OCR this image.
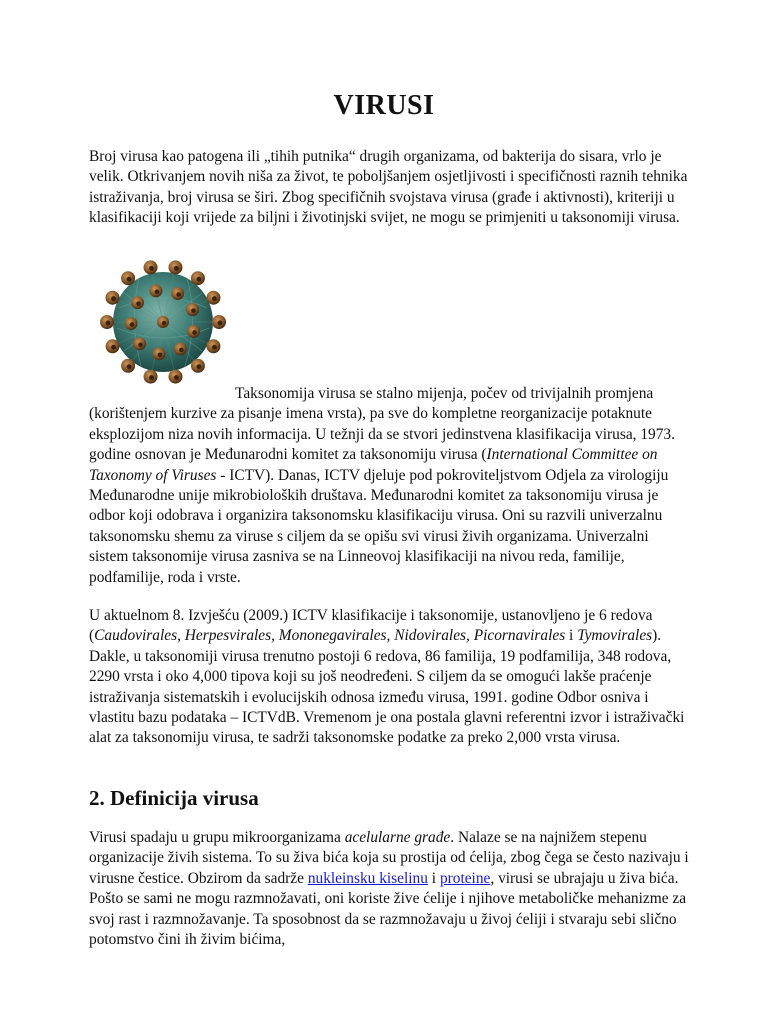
VIRUSI

Broj virusa kao patogena ili „tihih putnika“ drugih organizama, od bakterija do sisara, vrlo je velik. Otkrivanjem novih niša za život, te poboljšanjem osjetljivosti i specifičnosti raznih tehnika istraživanja, broj virusa se širi. Zbog specifičnih svojstava virusa (građe i aktivnosti), kriteriji u klasifikaciji koji vrijede za biljni i životinjski svijet, ne mogu se primjeniti u taksonomiji virusa.

Taksonomija virusa se stalno mijenja, počev od trivijalnih promjena (korištenjem kurzive za pisanje imena vrsta), pa sve do kompletne reorganizacije potaknute eksplozijom niza novih informacija. U težnji da se stvori jedinstvena klasifikacija virusa, 1973. godine osnovan je Međunarodni komitet za taksonomiju virusa (International Committee on Taxonomy of Viruses - ICTV). Danas, ICTV djeluje pod pokroviteljstvom Odjela za virologiju Međunarodne unije mikrobioloških društava. Međunarodni komitet za taksonomiju virusa je odbor koji odobrava i organizira taksonomsku klasifikaciju virusa. Oni su razvili univerzalnu taksonomsku shemu za viruse s ciljem da se opišu svi virusi živih organizama. Univerzalni sistem taksonomije virusa zasniva se na Linneovoj klasifikaciji na nivou reda, familije, podfamilije, roda i vrste.

U aktuelnom 8. Izvješću (2009.) ICTV klasifikacije i taksonomije, ustanovljeno je 6 redova (Caudovirales, Herpesvirales, Mononegavirales, Nidovirales, Picornavirales i Tymovirales). Dakle, u taksonomiji virusa trenutno postoji 6 redova, 86 familija, 19 podfamilija, 348 rodova, 2290 vrsta i oko 4,000 tipova koji su još neodređeni. S ciljem da se omogući lakše praćenje istraživanja sistematskih i evolucijskih odnosa između virusa, 1991. godine Odbor osniva i vlastitu bazu podataka – ICTVdB. Vremenom je ona postala glavni referentni izvor i istraživački alat za taksonomiju virusa, te sadrži taksonomske podatke za preko 2,000 vrsta virusa.

2. Definicija virusa

Virusi spadaju u grupu mikroorganizama acelularne građe. Nalaze se na najnižem stepenu organizacije živih sistema. To su živa bića koja su prostija od ćelija, zbog čega se često nazivaju i virusne čestice. Obzirom da sadrže nukleinsku kiselinu i proteine, virusi se ubrajaju u živa bića. Pošto se sami ne mogu razmnožavati, oni koriste žive ćelije i njihove metaboličke mehanizme za svoj rast i razmnožavanje. Ta sposobnost da se razmnožavaju u živoj ćeliji i stvaraju sebi slično potomstvo čini ih živim bićima,
